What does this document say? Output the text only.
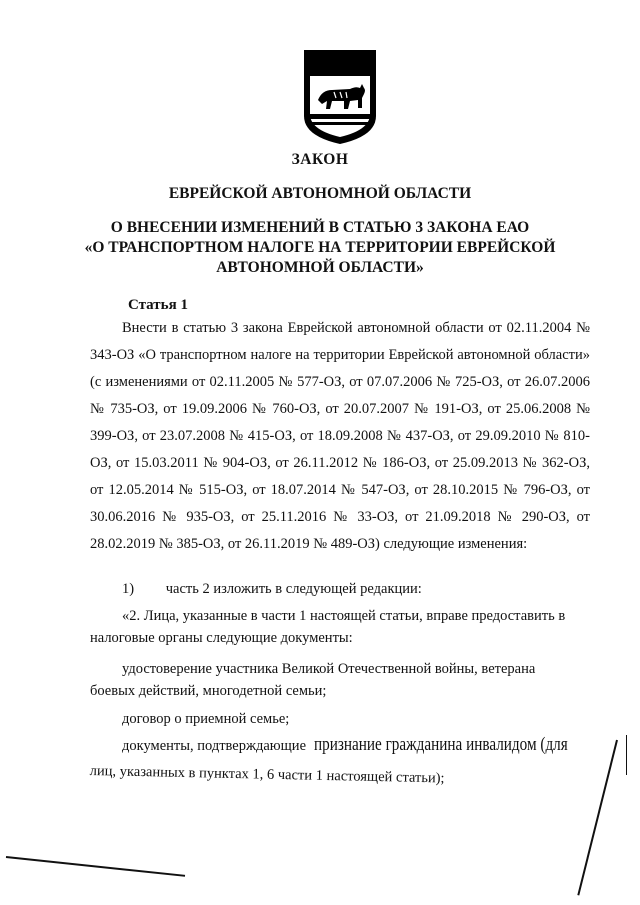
ЗАКОН
ЕВРЕЙСКОЙ АВТОНОМНОЙ ОБЛАСТИ
О ВНЕСЕНИИ ИЗМЕНЕНИЙ В СТАТЬЮ 3 ЗАКОНА ЕАО
«О ТРАНСПОРТНОМ НАЛОГЕ НА ТЕРРИТОРИИ ЕВРЕЙСКОЙ
АВТОНОМНОЙ ОБЛАСТИ»
Статья 1

Внести в статью 3 закона Еврейской автономной области от 02.11.2004 № 343-ОЗ «О транспортном налоге на территории Еврейской автономной области» (с изменениями от 02.11.2005 № 577-ОЗ, от 07.07.2006 № 725-ОЗ, от 26.07.2006 № 735-ОЗ, от 19.09.2006 № 760-ОЗ, от 20.07.2007 № 191-ОЗ, от 25.06.2008 № 399-ОЗ, от 23.07.2008 № 415-ОЗ, от 18.09.2008 № 437-ОЗ, от 29.09.2010 № 810-ОЗ, от 15.03.2011 № 904-ОЗ, от 26.11.2012 № 186-ОЗ, от 25.09.2013 № 362-ОЗ, от 12.05.2014 № 515-ОЗ, от 18.07.2014 № 547-ОЗ, от 28.10.2015 № 796-ОЗ, от 30.06.2016 № 935-ОЗ, от 25.11.2016 № 33-ОЗ, от 21.09.2018 № 290-ОЗ, от 28.02.2019 № 385-ОЗ, от 26.11.2019 № 489-ОЗ) следующие изменения:

1) часть 2 изложить в следующей редакции:
«2. Лица, указанные в части 1 настоящей статьи, вправе предоставить в
налоговые органы следующие документы:
удостоверение участника Великой Отечественной войны, ветерана
боевых действий, многодетной семьи;
договор о приемной семье;
документы, подтверждающие признание гражданина инвалидом (для
лиц, указанных в пунктах 1, 6 части 1 настоящей статьи);
